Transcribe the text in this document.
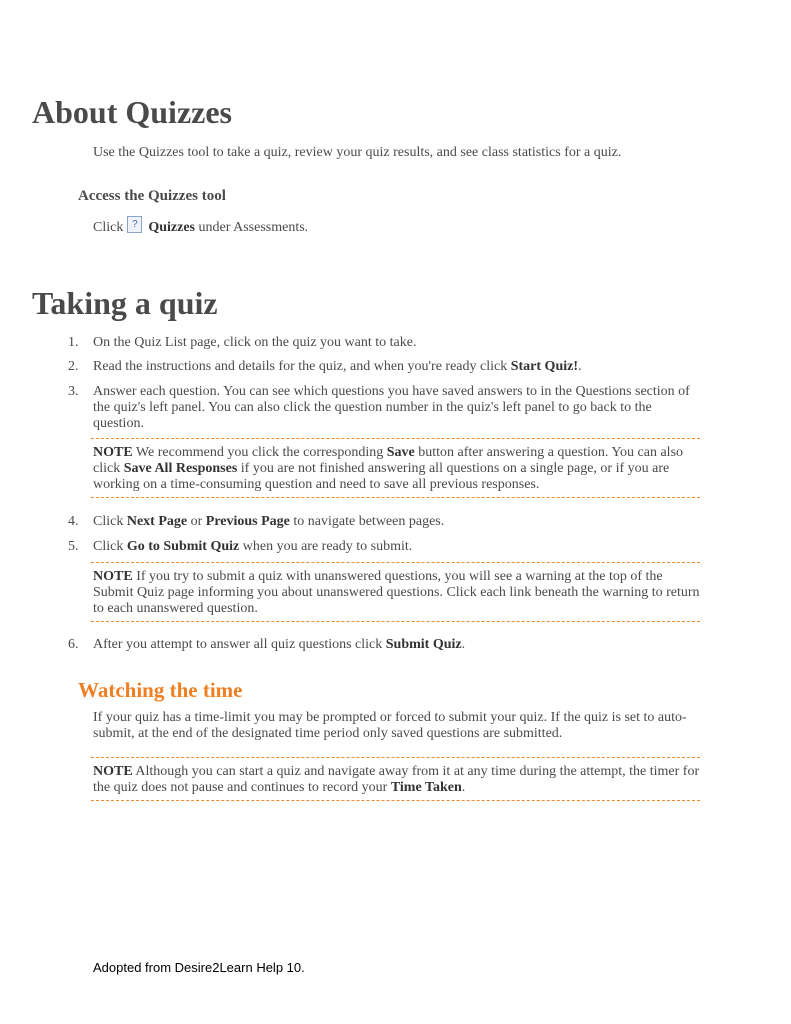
About Quizzes

Use the Quizzes tool to take a quiz, review your quiz results, and see class statistics for a quiz.

Access the Quizzes tool

Click ? Quizzes under Assessments.

Taking a quiz
1.	On the Quiz List page, click on the quiz you want to take.
2.	Read the instructions and details for the quiz, and when you're ready click Start Quiz!.
3.	Answer each question. You can see which questions you have saved answers to in the Questions section of the quiz's left panel. You can also click the question number in the quiz's left panel to go back to the question.
NOTE We recommend you click the corresponding Save button after answering a question. You can also click Save All Responses if you are not finished answering all questions on a single page, or if you are working on a time-consuming question and need to save all previous responses.
4.	Click Next Page or Previous Page to navigate between pages.
5.	Click Go to Submit Quiz when you are ready to submit.
NOTE If you try to submit a quiz with unanswered questions, you will see a warning at the top of the Submit Quiz page informing you about unanswered questions. Click each link beneath the warning to return to each unanswered question.
6.	After you attempt to answer all quiz questions click Submit Quiz.
Watching the time

If your quiz has a time-limit you may be prompted or forced to submit your quiz. If the quiz is set to auto-submit, at the end of the designated time period only saved questions are submitted.

NOTE Although you can start a quiz and navigate away from it at any time during the attempt, the timer for the quiz does not pause and continues to record your Time Taken.
Adopted from Desire2Learn Help 10.
